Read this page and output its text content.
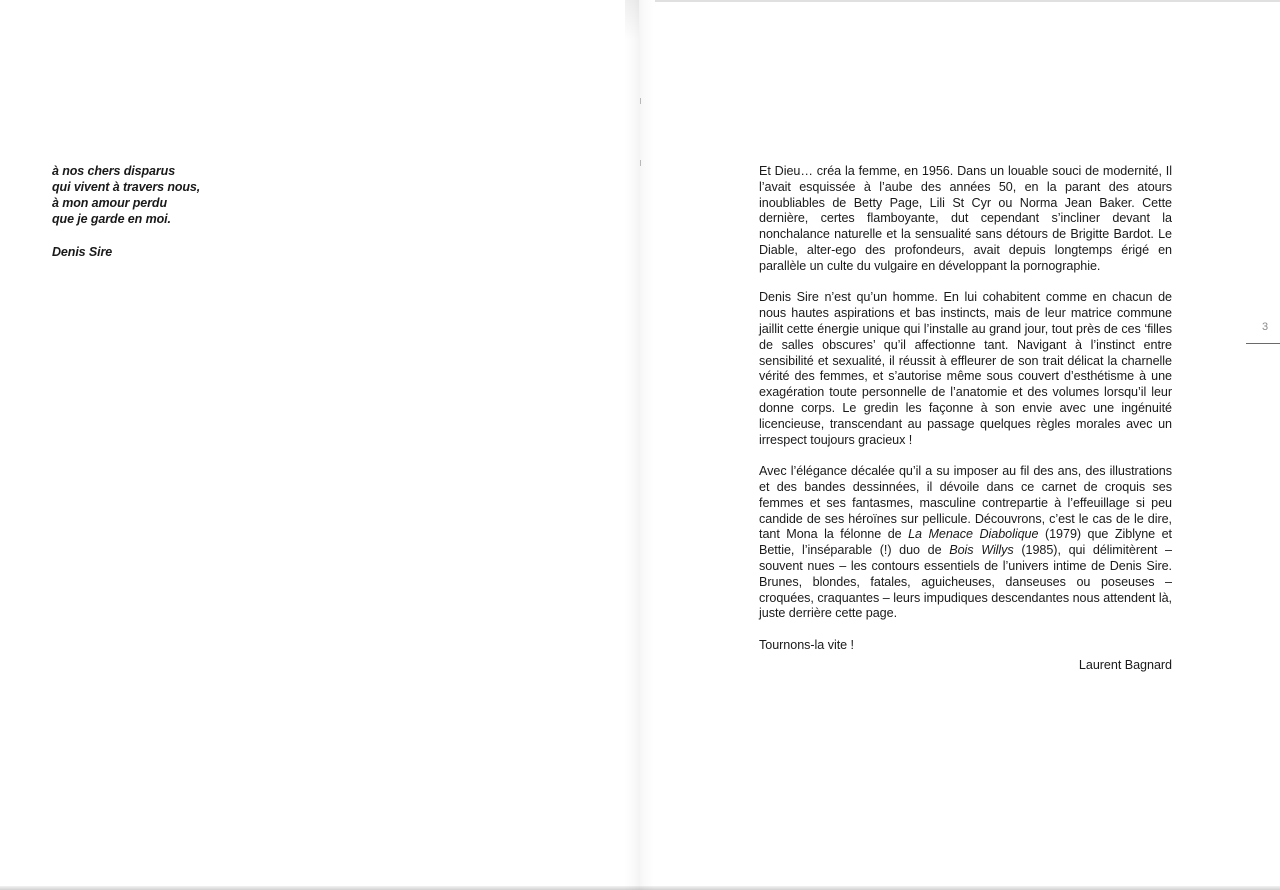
à nos chers disparus
qui vivent à travers nous,
à mon amour perdu
que je garde en moi.
Denis Sire

Et Dieu… créa la femme, en 1956. Dans un louable souci de modernité, Il l’avait esquissée à l’aube des années 50, en la parant des atours inoubliables de Betty Page, Lili St Cyr ou Norma Jean Baker. Cette dernière, certes flamboyante, dut cependant s’incliner devant la nonchalance naturelle et la sensualité sans détours de Brigitte Bardot. Le Diable, alter-ego des profondeurs, avait depuis longtemps érigé en parallèle un culte du vulgaire en développant la pornographie.

Denis Sire n’est qu’un homme. En lui cohabitent comme en chacun de nous hautes aspirations et bas instincts, mais de leur matrice commune jaillit cette énergie unique qui l’installe au grand jour, tout près de ces ‘filles de salles obscures’ qu’il affectionne tant. Navigant à l’instinct entre sensibilité et sexualité, il réussit à effleurer de son trait délicat la charnelle vérité des femmes, et s’autorise même sous couvert d’esthétisme à une exagération toute personnelle de l’anatomie et des volumes lorsqu’il leur donne corps. Le gredin les façonne à son envie avec une ingénuité licencieuse, transcendant au passage quelques règles morales avec un irrespect toujours gracieux !

Avec l’élégance décalée qu’il a su imposer au fil des ans, des illustrations et des bandes dessinnées, il dévoile dans ce carnet de croquis ses femmes et ses fantasmes, masculine contrepartie à l’effeuillage si peu candide de ses héroïnes sur pellicule. Découvrons, c’est le cas de le dire, tant Mona la félonne de La Menace Diabolique (1979) que Ziblyne et Bettie, l’inséparable (!) duo de Bois Willys (1985), qui délimitèrent – souvent nues – les contours essentiels de l’univers intime de Denis Sire. Brunes, blondes, fatales, aguicheuses, danseuses ou poseuses – croquées, craquantes – leurs impudiques descendantes nous attendent là, juste derrière cette page.

Tournons-la vite !

Laurent Bagnard
3
